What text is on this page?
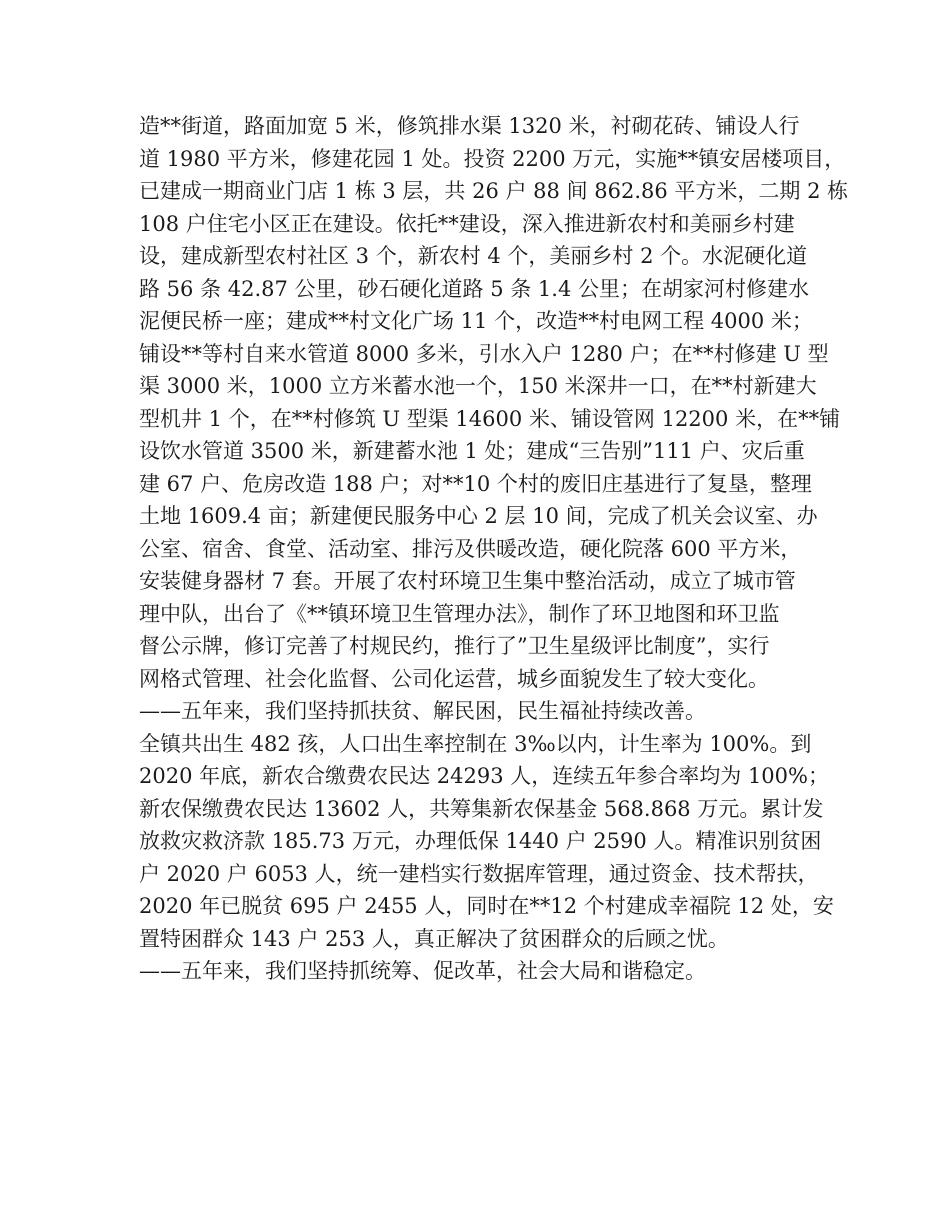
造**街道，路面加宽 5 米，修筑排水渠 1320 米，衬砌花砖、铺设人行
道 1980 平方米，修建花园 1 处。投资 2200 万元，实施**镇安居楼项目，
已建成一期商业门店 1 栋 3 层，共 26 户 88 间 862.86 平方米，二期 2 栋
108 户住宅小区正在建设。依托**建设，深入推进新农村和美丽乡村建
设，建成新型农村社区 3 个，新农村 4 个，美丽乡村 2 个。水泥硬化道
路 56 条 42.87 公里，砂石硬化道路 5 条 1.4 公里；在胡家河村修建水
泥便民桥一座；建成**村文化广场 11 个，改造**村电网工程 4000 米；
铺设**等村自来水管道 8000 多米，引水入户 1280 户；在**村修建 U 型
渠 3000 米，1000 立方米蓄水池一个，150 米深井一口，在**村新建大
型机井 1 个，在**村修筑 U 型渠 14600 米、铺设管网 12200 米，在**铺
设饮水管道 3500 米，新建蓄水池 1 处；建成“三告别”111 户、灾后重
建 67 户、危房改造 188 户；对**10 个村的废旧庄基进行了复垦，整理
土地 1609.4 亩；新建便民服务中心 2 层 10 间，完成了机关会议室、办
公室、宿舍、食堂、活动室、排污及供暖改造，硬化院落 600 平方米，
安装健身器材 7 套。开展了农村环境卫生集中整治活动，成立了城市管
理中队，出台了《**镇环境卫生管理办法》，制作了环卫地图和环卫监
督公示牌，修订完善了村规民约，推行了”卫生星级评比制度”，实行
网格式管理、社会化监督、公司化运营，城乡面貌发生了较大变化。
——五年来，我们坚持抓扶贫、解民困，民生福祉持续改善。
全镇共出生 482 孩，人口出生率控制在 3‰以内，计生率为 100%。到
2020 年底，新农合缴费农民达 24293 人，连续五年参合率均为 100%；
新农保缴费农民达 13602 人，共筹集新农保基金 568.868 万元。累计发
放救灾救济款 185.73 万元，办理低保 1440 户 2590 人。精准识别贫困
户 2020 户 6053 人，统一建档实行数据库管理，通过资金、技术帮扶，
2020 年已脱贫 695 户 2455 人，同时在**12 个村建成幸福院 12 处，安
置特困群众 143 户 253 人，真正解决了贫困群众的后顾之忧。
——五年来，我们坚持抓统筹、促改革，社会大局和谐稳定。
